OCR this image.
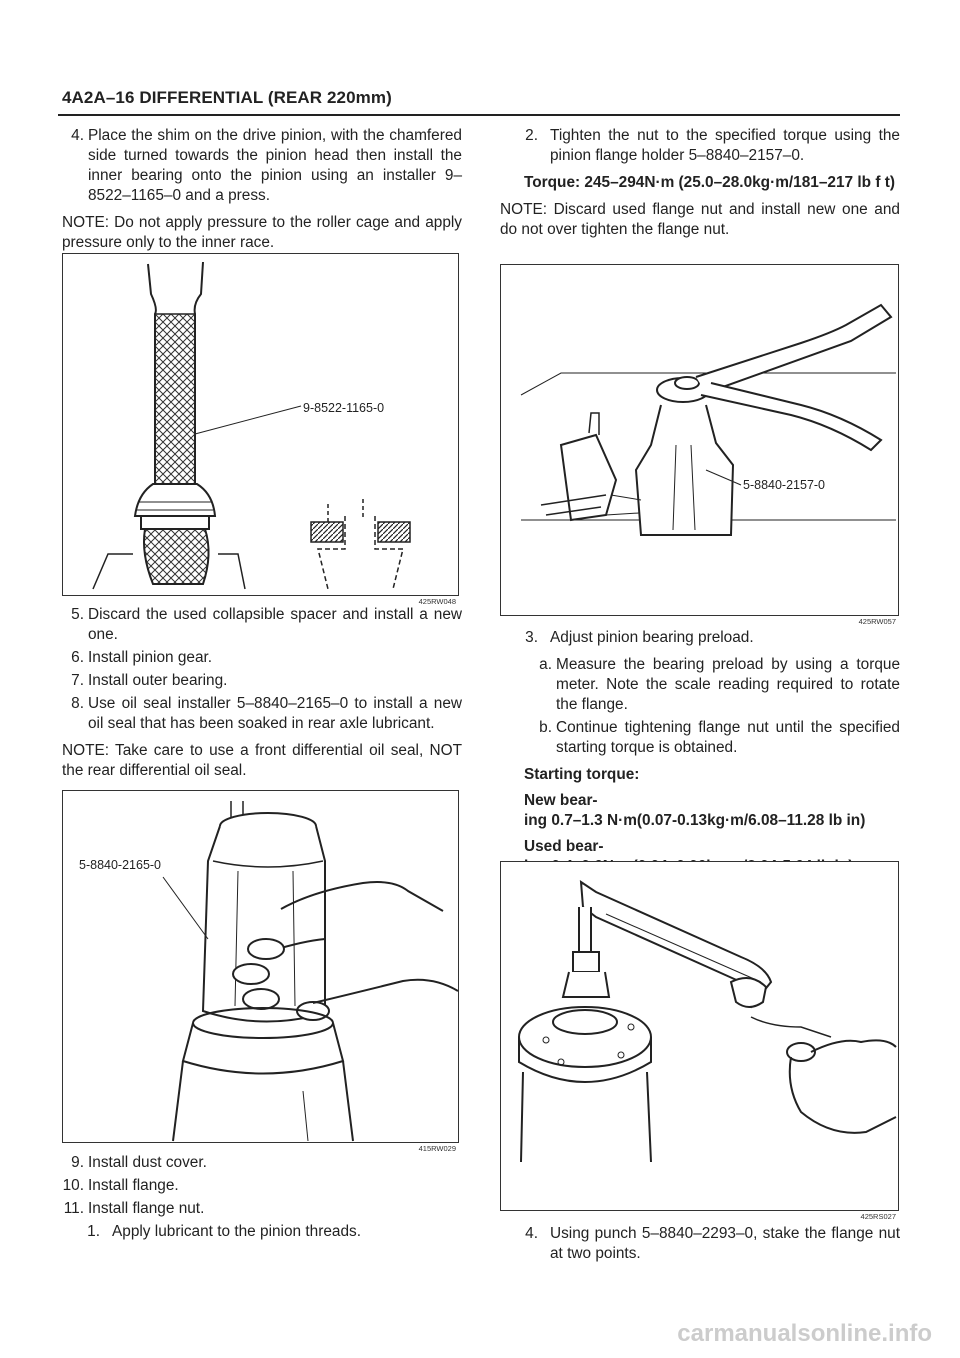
4A2A–16 DIFFERENTIAL (REAR 220mm)
4. Place the shim on the drive pinion, with the chamfered side turned towards the pinion head then install the inner bearing onto the pinion using an installer 9–8522–1165–0 and a press.

NOTE: Do not apply pressure to the roller cage and apply pressure only to the inner race.

9-8522-1165-0
425RW048
5. Discard the used collapsible spacer and install a new one.
6. Install pinion gear.
7. Install outer bearing.
8. Use oil seal installer 5–8840–2165–0 to install a new oil seal that has been soaked in rear axle lubricant.

NOTE: Take care to use a front differential oil seal, NOT the rear differential oil seal.

5-8840-2165-0
415RW029
9. Install dust cover.
10. Install flange.
11. Install flange nut.
1. Apply lubricant to the pinion threads.
2. Tighten the nut to the specified torque using the pinion flange holder 5–8840–2157–0.

Torque: 245–294N·m (25.0–28.0kg·m/181–217 lb f t)

NOTE: Discard used flange nut and install new one and do not over tighten the flange nut.

5-8840-2157-0
425RW057
3. Adjust pinion bearing preload.
a. Measure the bearing preload by using a torque meter. Note the scale reading required to rotate the flange.
b. Continue tightening flange nut until the specified starting torque is obtained.

Starting torque:

New bear-

ing 0.7–1.3 N·m(0.07-0.13kg·m/6.08–11.28 lb in)

Used bear-

425RS027
4. Using punch 5–8840–2293–0, stake the flange nut at two points.
carmanualsonline.info
